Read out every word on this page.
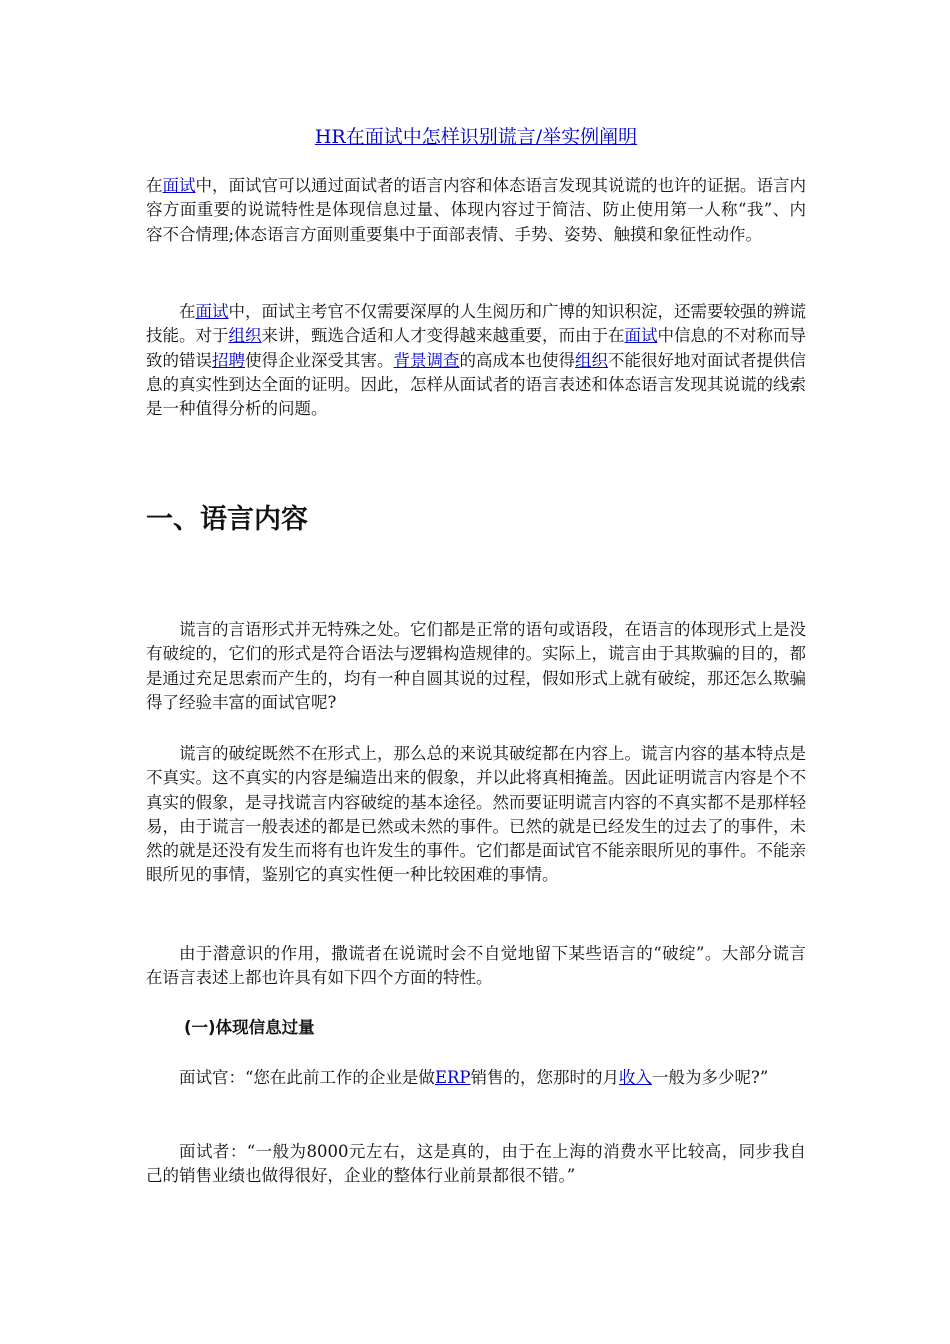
HR在面试中怎样识别谎言/举实例阐明

在面试中，面试官可以通过面试者的语言内容和体态语言发现其说谎的也许的证据。语言内容方面重要的说谎特性是体现信息过量、体现内容过于简洁、防止使用第一人称“我”、内容不合情理;体态语言方面则重要集中于面部表情、手势、姿势、触摸和象征性动作。

在面试中，面试主考官不仅需要深厚的人生阅历和广博的知识积淀，还需要较强的辨谎技能。对于组织来讲，甄选合适和人才变得越来越重要，而由于在面试中信息的不对称而导致的错误招聘使得企业深受其害。背景调查的高成本也使得组织不能很好地对面试者提供信息的真实性到达全面的证明。因此，怎样从面试者的语言表述和体态语言发现其说谎的线索是一种值得分析的问题。

一、语言内容

谎言的言语形式并无特殊之处。它们都是正常的语句或语段，在语言的体现形式上是没有破绽的，它们的形式是符合语法与逻辑构造规律的。实际上，谎言由于其欺骗的目的，都是通过充足思索而产生的，均有一种自圆其说的过程，假如形式上就有破绽，那还怎么欺骗得了经验丰富的面试官呢?

谎言的破绽既然不在形式上，那么总的来说其破绽都在内容上。谎言内容的基本特点是不真实。这不真实的内容是编造出来的假象，并以此将真相掩盖。因此证明谎言内容是个不真实的假象，是寻找谎言内容破绽的基本途径。然而要证明谎言内容的不真实都不是那样轻易，由于谎言一般表述的都是已然或未然的事件。已然的就是已经发生的过去了的事件，未然的就是还没有发生而将有也许发生的事件。它们都是面试官不能亲眼所见的事件。不能亲眼所见的事情，鉴别它的真实性便一种比较困难的事情。

由于潜意识的作用，撒谎者在说谎时会不自觉地留下某些语言的“破绽”。大部分谎言在语言表述上都也许具有如下四个方面的特性。

(一)体现信息过量

面试官：“您在此前工作的企业是做ERP销售的，您那时的月收入一般为多少呢?”

面试者：“一般为8000元左右，这是真的，由于在上海的消费水平比较高，同步我自己的销售业绩也做得很好，企业的整体行业前景都很不错。”
